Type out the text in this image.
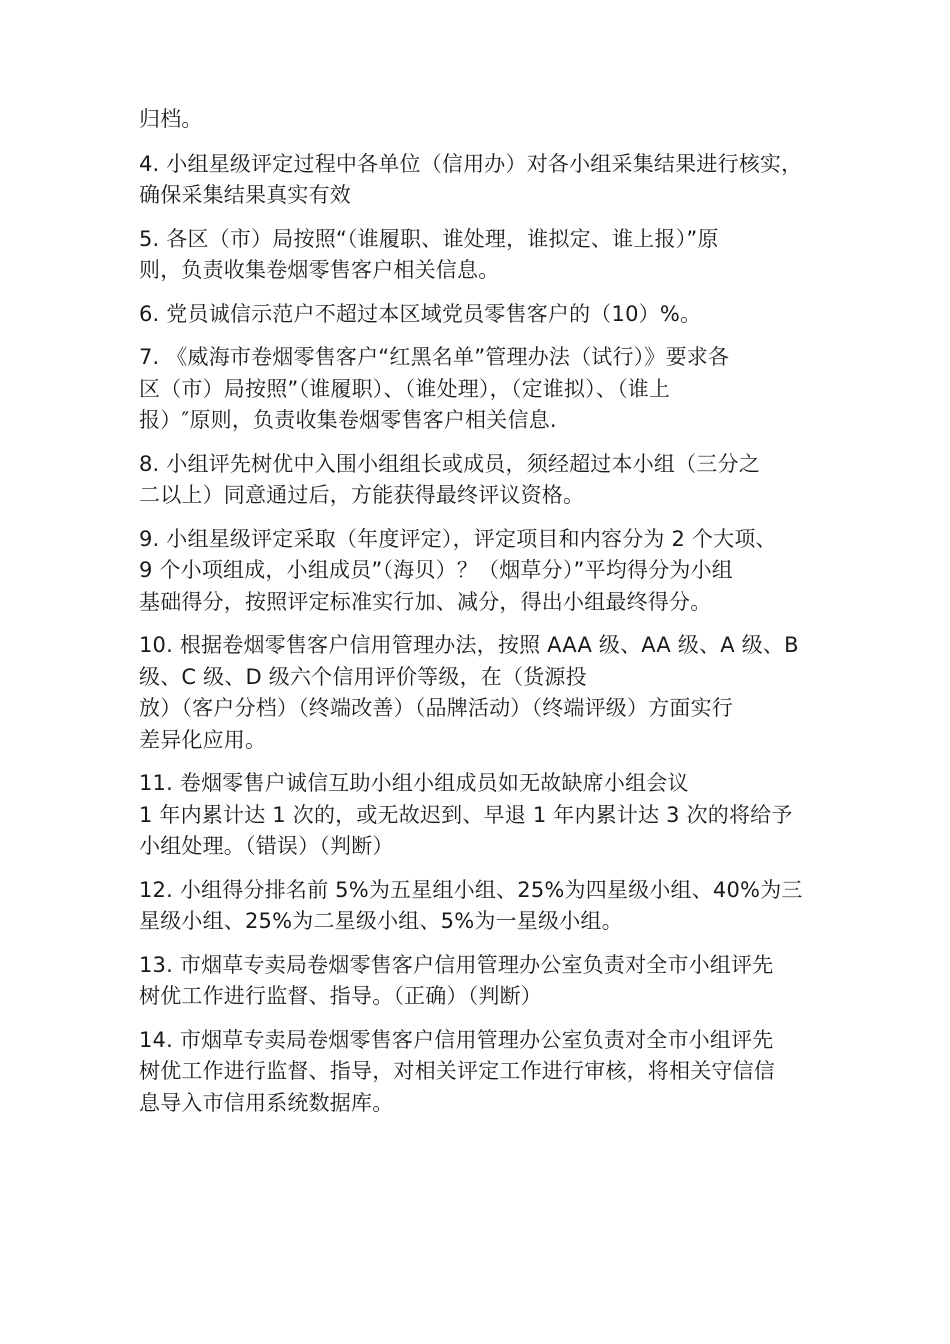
归档。

4. 小组星级评定过程中各单位（信用办）对各小组采集结果进行核实，
确保采集结果真实有效

5. 各区（市）局按照“（谁履职、谁处理，谁拟定、谁上报）”原
则，负责收集卷烟零售客户相关信息。

6. 党员诚信示范户不超过本区域党员零售客户的（10）%。

7. 《威海市卷烟零售客户“红黑名单”管理办法（试行）》要求各
区（市）局按照”（谁履职）、（谁处理），（定谁拟）、（谁上
报）″原则，负责收集卷烟零售客户相关信息.

8. 小组评先树优中入围小组组长或成员，须经超过本小组（三分之
二以上）同意通过后，方能获得最终评议资格。

9. 小组星级评定采取（年度评定），评定项目和内容分为 2 个大项、
9 个小项组成，小组成员”（海贝）？（烟草分）”平均得分为小组
基础得分，按照评定标准实行加、减分，得出小组最终得分。

10. 根据卷烟零售客户信用管理办法，按照 AAA 级、AA 级、A 级、B
级、C 级、D 级六个信用评价等级，在（货源投
放）（客户分档）（终端改善）（品牌活动）（终端评级）方面实行
差异化应用。

11. 卷烟零售户诚信互助小组小组成员如无故缺席小组会议
1 年内累计达 1 次的，或无故迟到、早退 1 年内累计达 3 次的将给予
小组处理。（错误）（判断）

12. 小组得分排名前 5%为五星组小组、25%为四星级小组、40%为三
星级小组、25%为二星级小组、5%为一星级小组。

13. 市烟草专卖局卷烟零售客户信用管理办公室负责对全市小组评先
树优工作进行监督、指导。（正确）（判断）

14. 市烟草专卖局卷烟零售客户信用管理办公室负责对全市小组评先
树优工作进行监督、指导，对相关评定工作进行审核，将相关守信信
息导入市信用系统数据库。
